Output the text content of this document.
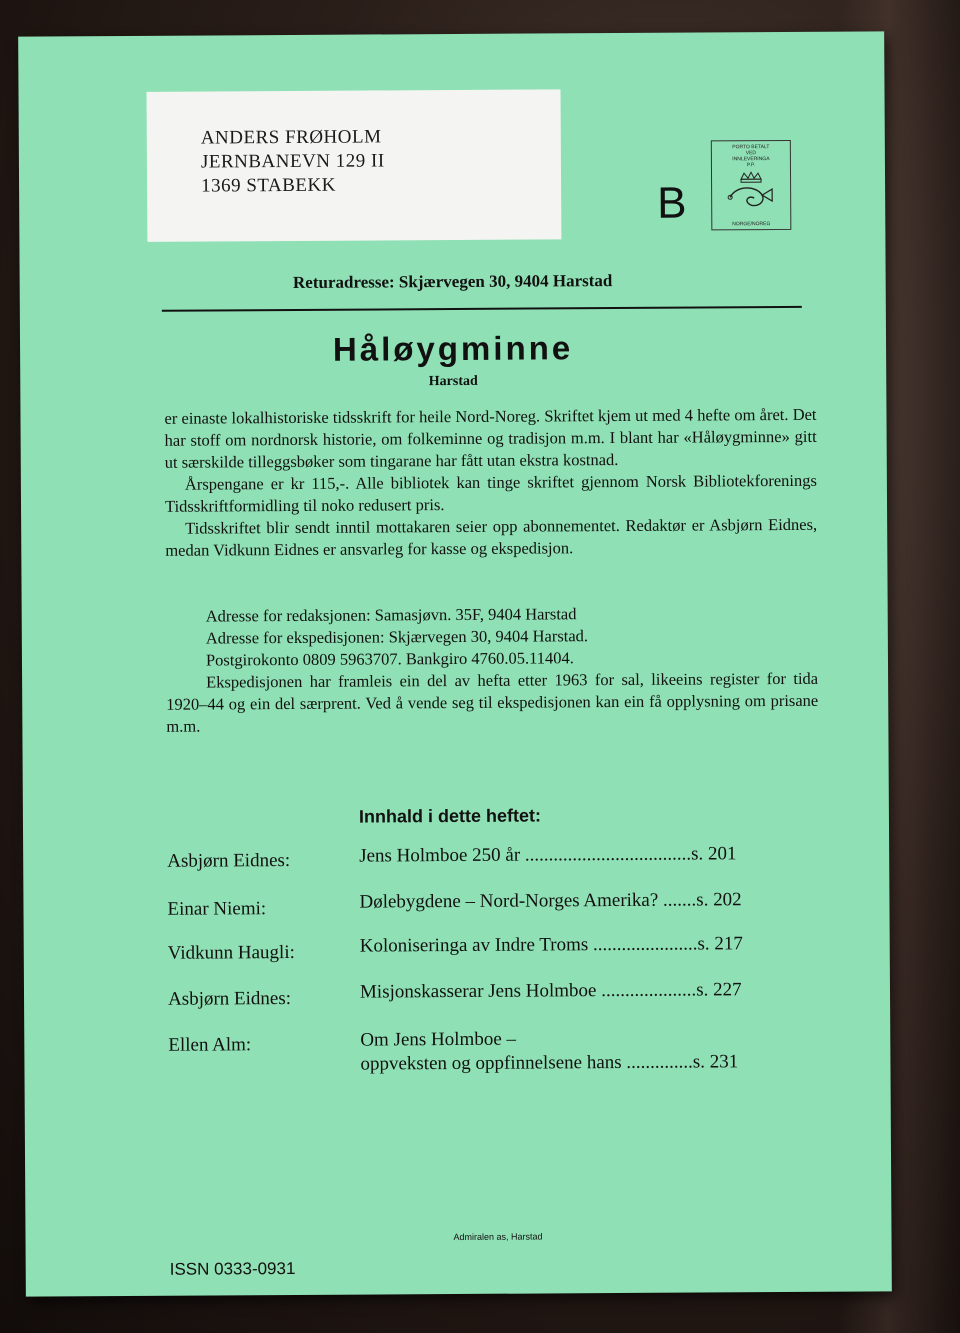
ANDERS FRØHOLM
JERNBANEVN 129 II
1369 STABEKK	B
PORTO BETALT
VED
INNLEVERINGA
P.P.
NORGE/NOREG
Returadresse: Skjærvegen 30, 9404 Harstad
Håløygminne
Harstad

er einaste lokalhistoriske tidsskrift for heile Nord-Noreg. Skriftet kjem ut med 4 hefte om året. Det har stoff om nordnorsk historie, om folkeminne og tradisjon m.m. I blant har «Håløygminne» gitt ut særskilde tilleggsbøker som tingarane har fått utan ekstra kostnad.

Årspengane er kr 115,-. Alle bibliotek kan tinge skriftet gjennom Norsk Bibliotekforenings Tidsskriftformidling til noko redusert pris.

Tidsskriftet blir sendt inntil mottakaren seier opp abonnementet. Redaktør er Asbjørn Eidnes, medan Vidkunn Eidnes er ansvarleg for kasse og ekspedisjon.

Adresse for redaksjonen: Samasjøvn. 35F, 9404 Harstad
Adresse for ekspedisjonen: Skjærvegen 30, 9404 Harstad.
Postgirokonto 0809 5963707. Bankgiro 4760.05.11404.

Ekspedisjonen har framleis ein del av hefta etter 1963 for sal, likeeins register for tida 1920–44 og ein del særprent. Ved å vende seg til ekspedisjonen kan ein få opplysning om prisane m.m.

Innhald i dette heftet:
Asbjørn Eidnes:	Jens Holmboe 250 år ...................................s. 201
Einar Niemi:	Dølebygdene – Nord-Norges Amerika? .......s. 202
Vidkunn Haugli:	Koloniseringa av Indre Troms ......................s. 217
Asbjørn Eidnes:	Misjonskasserar Jens Holmboe ....................s. 227
Ellen Alm:	Om Jens Holmboe –
oppveksten og oppfinnelsene hans ..............s. 231
Admiralen as, Harstad
ISSN 0333-0931
